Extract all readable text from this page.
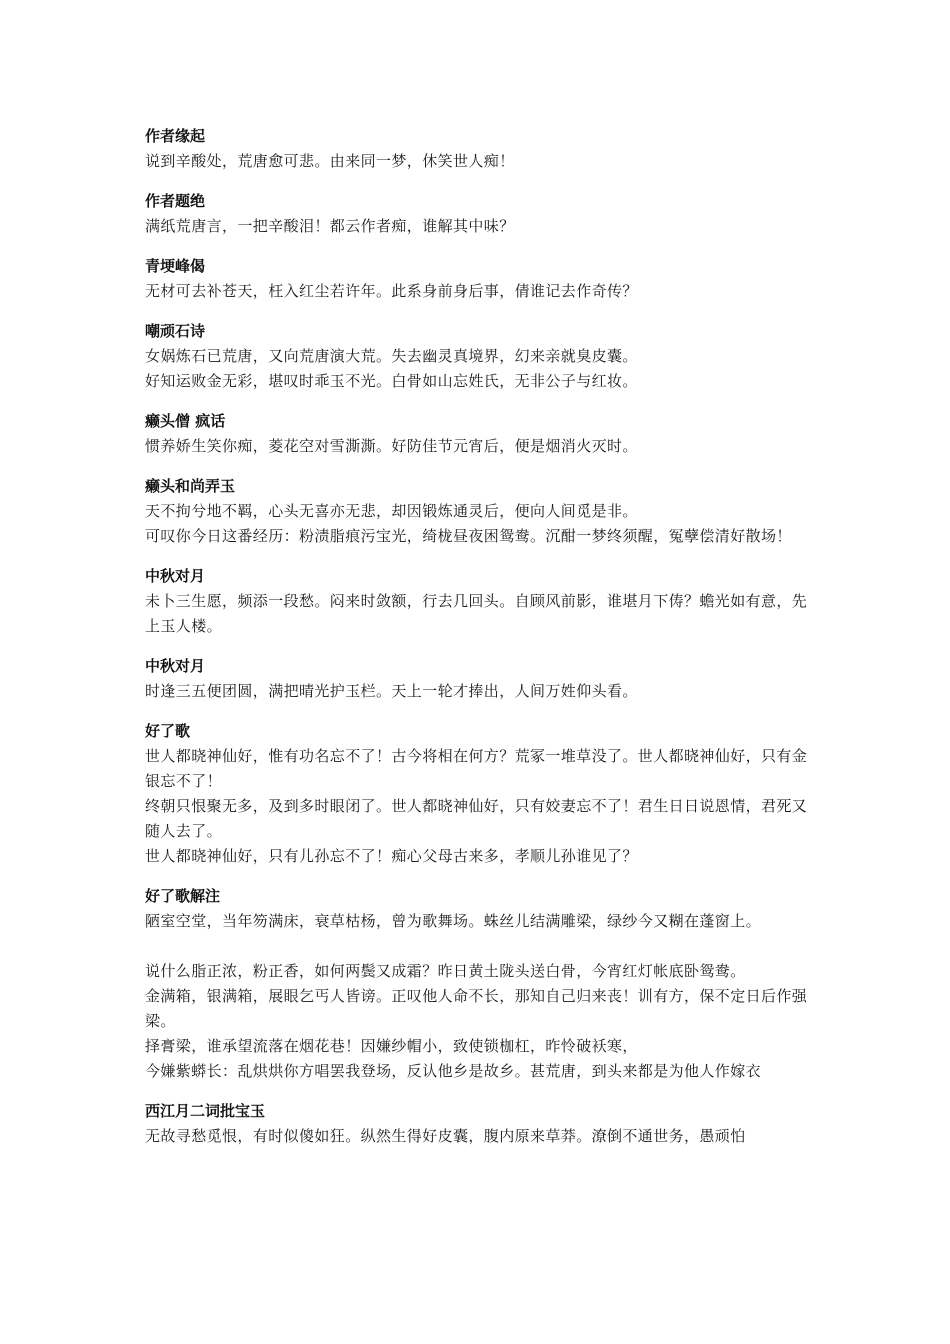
作者缘起
说到辛酸处，荒唐愈可悲。由来同一梦，休笑世人痴！
作者题绝
满纸荒唐言，一把辛酸泪！都云作者痴，谁解其中味？
青埂峰偈
无材可去补苍天，枉入红尘若许年。此系身前身后事，倩谁记去作奇传？
嘲顽石诗
女娲炼石已荒唐，又向荒唐演大荒。失去幽灵真境界，幻来亲就臭皮囊。
好知运败金无彩，堪叹时乖玉不光。白骨如山忘姓氏，无非公子与红妆。
癞头僧 疯话
惯养娇生笑你痴，菱花空对雪澌澌。好防佳节元宵后，便是烟消火灭时。
癞头和尚弄玉
天不拘兮地不羁，心头无喜亦无悲，却因锻炼通灵后，便向人间觅是非。
可叹你今日这番经历：粉渍脂痕污宝光，绮栊昼夜困鸳鸯。沉酣一梦终须醒，冤孽偿清好散场！
中秋对月
未卜三生愿，频添一段愁。闷来时敛额，行去几回头。自顾风前影，谁堪月下俦？蟾光如有意，先上玉人楼。
中秋对月
时逢三五便团圆，满把晴光护玉栏。天上一轮才捧出，人间万姓仰头看。
好了歌
世人都晓神仙好，惟有功名忘不了！古今将相在何方？荒冢一堆草没了。世人都晓神仙好，只有金银忘不了！
终朝只恨聚无多，及到多时眼闭了。世人都晓神仙好，只有姣妻忘不了！君生日日说恩情，君死又随人去了。
世人都晓神仙好，只有儿孙忘不了！痴心父母古来多，孝顺儿孙谁见了？
好了歌解注
陋室空堂，当年笏满床，衰草枯杨，曾为歌舞场。蛛丝儿结满雕梁，绿纱今又糊在蓬窗上。
说什么脂正浓，粉正香，如何两鬓又成霜？昨日黄土陇头送白骨，今宵红灯帐底卧鸳鸯。
金满箱，银满箱，展眼乞丐人皆谤。正叹他人命不长，那知自己归来丧！训有方，保不定日后作强梁。
择膏梁，谁承望流落在烟花巷！因嫌纱帽小，致使锁枷杠，昨怜破袄寒，
今嫌紫蟒长：乱烘烘你方唱罢我登场，反认他乡是故乡。甚荒唐，到头来都是为他人作嫁衣
西江月二词批宝玉
无故寻愁觅恨，有时似傻如狂。纵然生得好皮囊，腹内原来草莽。潦倒不通世务，愚顽怕
